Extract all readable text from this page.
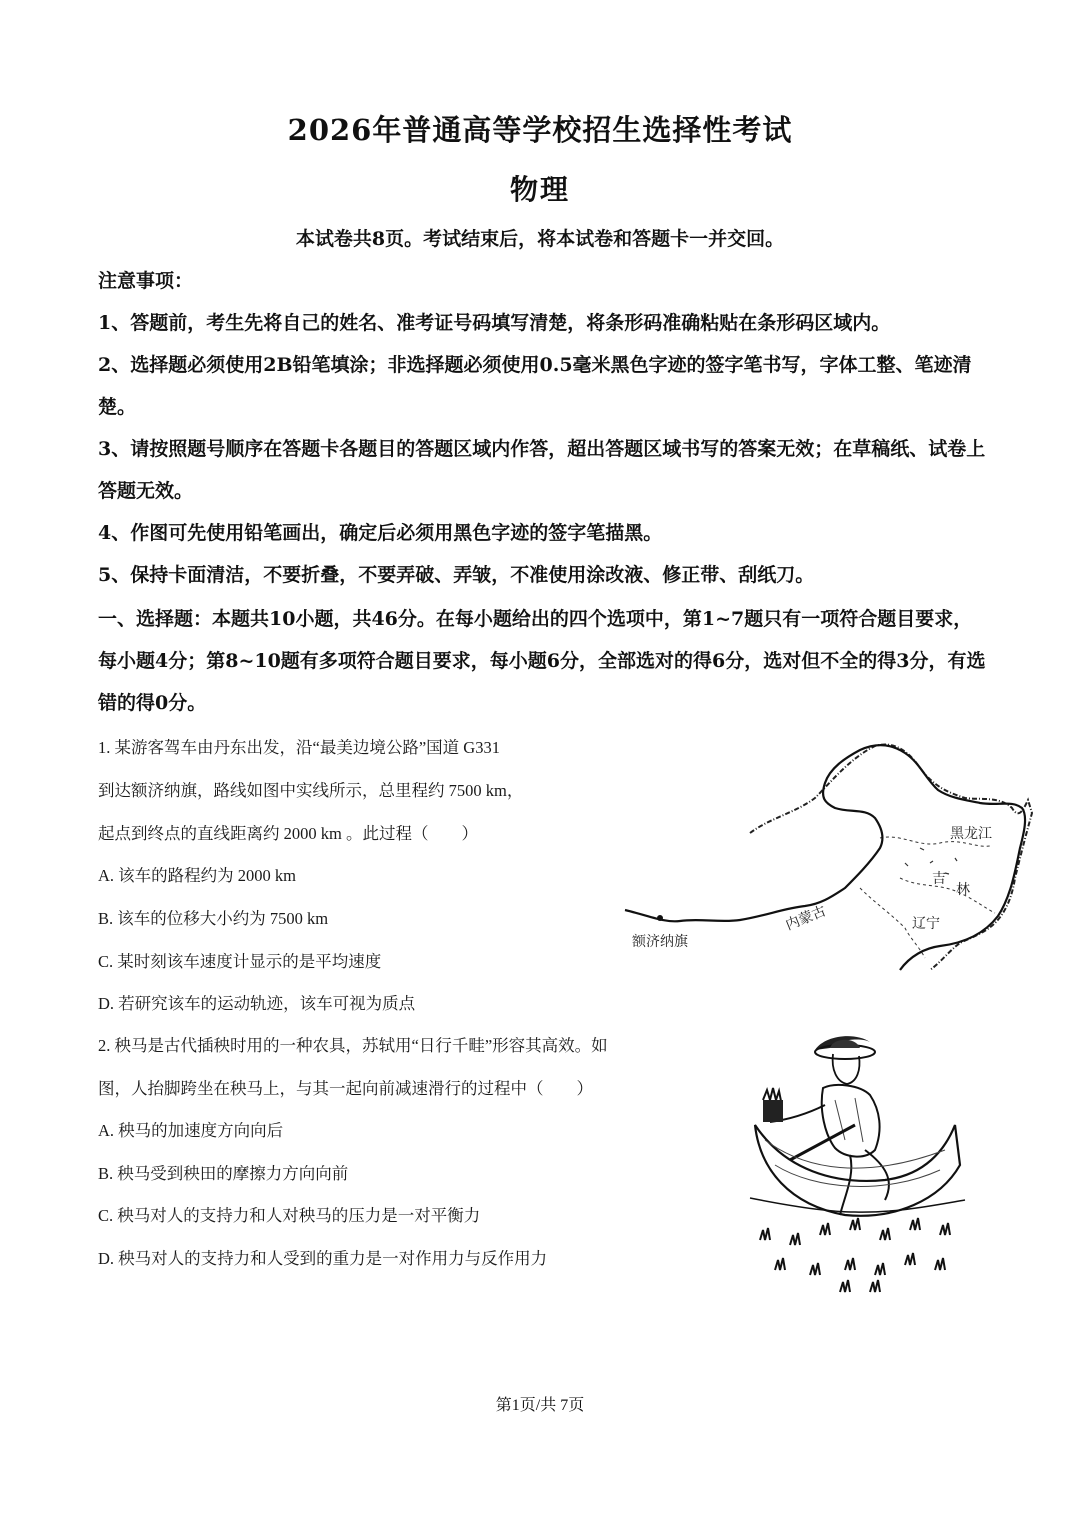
2026年普通高等学校招生选择性考试
物理
本试卷共8页。考试结束后，将本试卷和答题卡一并交回。
注意事项：
1、答题前，考生先将自己的姓名、准考证号码填写清楚，将条形码准确粘贴在条形码区域内。
2、选择题必须使用2B铅笔填涂；非选择题必须使用0.5毫米黑色字迹的签字笔书写，字体工整、笔迹清楚。
3、请按照题号顺序在答题卡各题目的答题区域内作答，超出答题区域书写的答案无效；在草稿纸、试卷上答题无效。
4、作图可先使用铅笔画出，确定后必须用黑色字迹的签字笔描黑。
5、保持卡面清洁，不要折叠，不要弄破、弄皱，不准使用涂改液、修正带、刮纸刀。
一、选择题：本题共10小题，共46分。在每小题给出的四个选项中，第1~7题只有一项符合题目要求，每小题4分；第8~10题有多项符合题目要求，每小题6分，全部选对的得6分，选对但不全的得3分，有选错的得0分。
1. 某游客驾车由丹东出发，沿“最美边境公路”国道 G331
到达额济纳旗，路线如图中实线所示，总里程约 7500 km，
起点到终点的直线距离约 2000 km 。此过程（　　）
A. 该车的路程约为 2000 km
B. 该车的位移大小约为 7500 km
C. 某时刻该车速度计显示的是平均速度
D. 若研究该车的运动轨迹，该车可视为质点
黑龙江
吉
林
辽宁
内蒙古
额济纳旗
2. 秧马是古代插秧时用的一种农具，苏轼用“日行千畦”形容其高效。如
图，人抬脚跨坐在秧马上，与其一起向前减速滑行的过程中（　　）
A. 秧马的加速度方向向后
B. 秧马受到秧田的摩擦力方向向前
C. 秧马对人的支持力和人对秧马的压力是一对平衡力
D. 秧马对人的支持力和人受到的重力是一对作用力与反作用力
第1页/共 7页
